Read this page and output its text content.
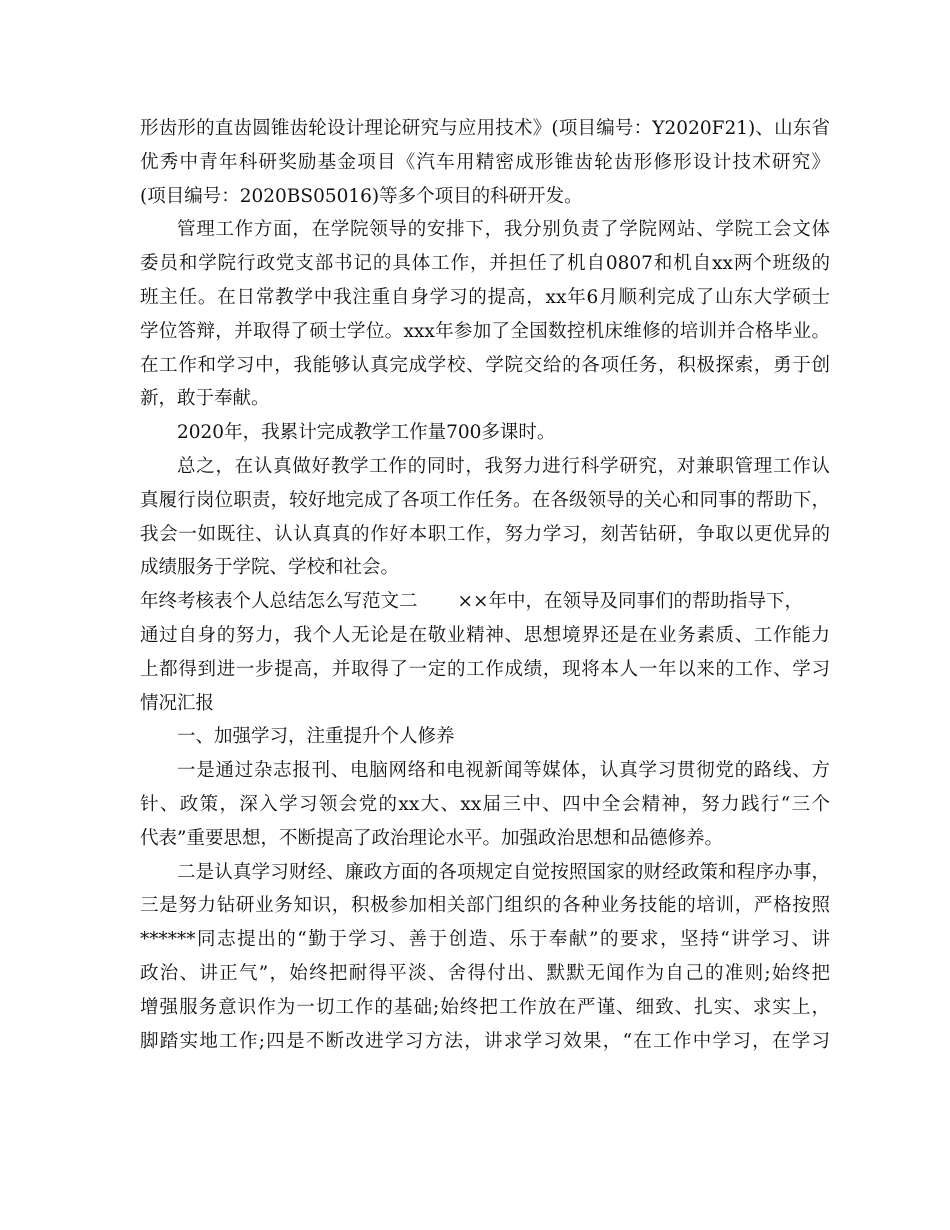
形齿形的直齿圆锥齿轮设计理论研究与应用技术》(项目编号：Y2020F21)、山东省
优秀中青年科研奖励基金项目《汽车用精密成形锥齿轮齿形修形设计技术研究》
(项目编号：2020BS05016)等多个项目的科研开发。
管理工作方面，在学院领导的安排下，我分别负责了学院网站、学院工会文体
委员和学院行政党支部书记的具体工作，并担任了机自0807和机自xx两个班级的
班主任。在日常教学中我注重自身学习的提高，xx年6月顺利完成了山东大学硕士
学位答辩，并取得了硕士学位。xxx年参加了全国数控机床维修的培训并合格毕业。
在工作和学习中，我能够认真完成学校、学院交给的各项任务，积极探索，勇于创
新，敢于奉献。
2020年，我累计完成教学工作量700多课时。
总之，在认真做好教学工作的同时，我努力进行科学研究，对兼职管理工作认
真履行岗位职责，较好地完成了各项工作任务。在各级领导的关心和同事的帮助下，
我会一如既往、认认真真的作好本职工作，努力学习，刻苦钻研，争取以更优异的
成绩服务于学院、学校和社会。
年终考核表个人总结怎么写范文二 ××年中，在领导及同事们的帮助指导下，
通过自身的努力，我个人无论是在敬业精神、思想境界还是在业务素质、工作能力
上都得到进一步提高，并取得了一定的工作成绩，现将本人一年以来的工作、学习
情况汇报
一、加强学习，注重提升个人修养
一是通过杂志报刊、电脑网络和电视新闻等媒体，认真学习贯彻党的路线、方
针、政策，深入学习领会党的xx大、xx届三中、四中全会精神，努力践行“三个
代表”重要思想，不断提高了政治理论水平。加强政治思想和品德修养。
二是认真学习财经、廉政方面的各项规定自觉按照国家的财经政策和程序办事，
三是努力钻研业务知识，积极参加相关部门组织的各种业务技能的培训，严格按照
******同志提出的“勤于学习、善于创造、乐于奉献”的要求，坚持“讲学习、讲
政治、讲正气”，始终把耐得平淡、舍得付出、默默无闻作为自己的准则;始终把
增强服务意识作为一切工作的基础;始终把工作放在严谨、细致、扎实、求实上，
脚踏实地工作;四是不断改进学习方法，讲求学习效果，“在工作中学习，在学习
